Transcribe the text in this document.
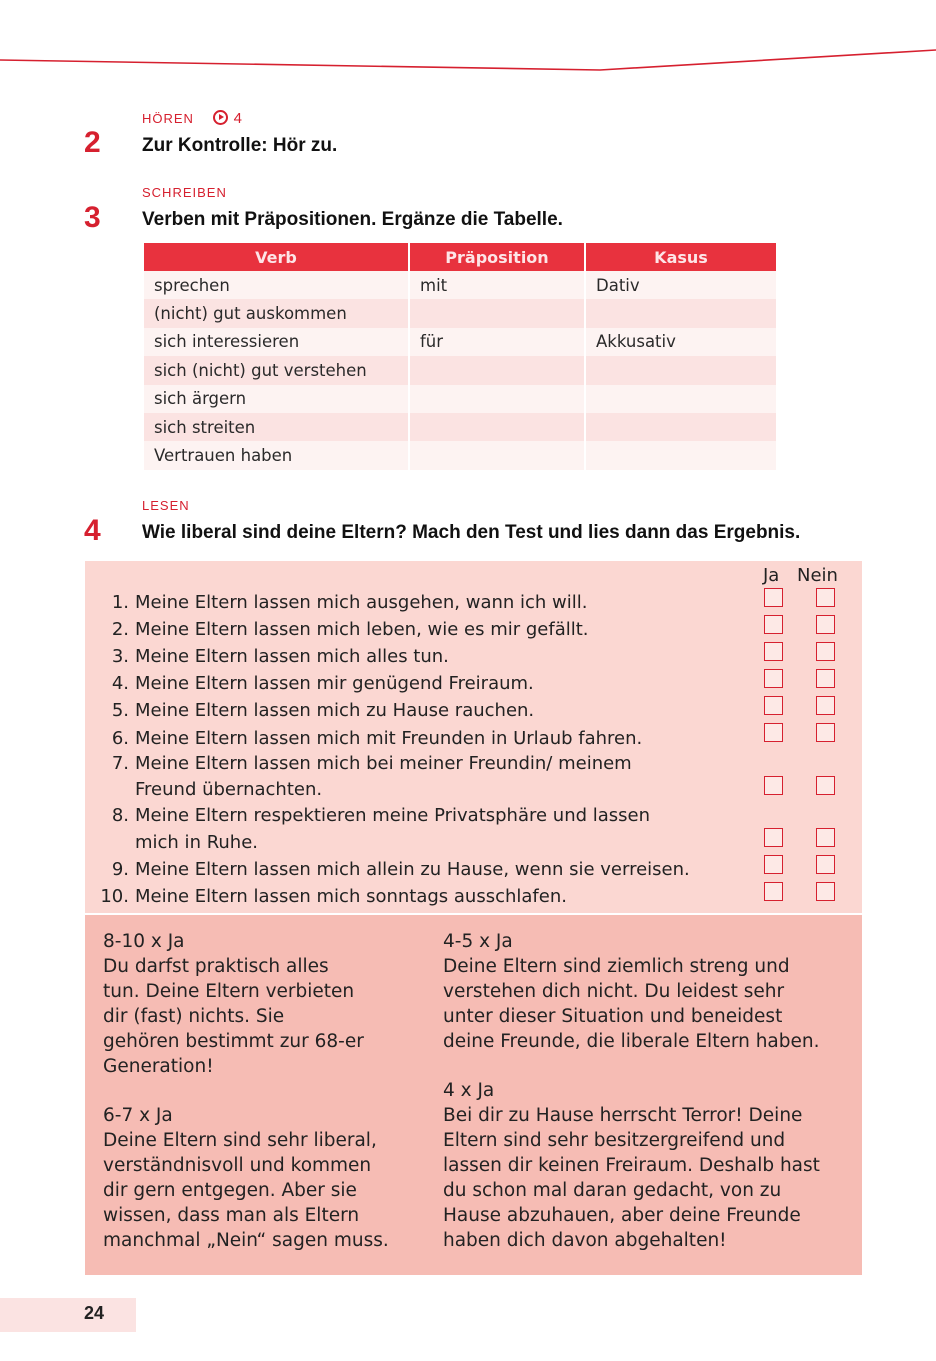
HÖREN	4
2 Zur Kontrolle: Hör zu.
SCHREIBEN
3 Verben mit Präpositionen. Ergänze die Tabelle.
Verb	Präposition	Kasus
sprechen	mit	Dativ
(nicht) gut auskommen		
sich interessieren	für	Akkusativ
sich (nicht) gut verstehen		
sich ärgern		
sich streiten		
Vertrauen haben		
LESEN
4 Wie liberal sind deine Eltern? Mach den Test und lies dann das Ergebnis.
Ja Nein
1. Meine Eltern lassen mich ausgehen, wann ich will.
2. Meine Eltern lassen mich leben, wie es mir gefällt.
3. Meine Eltern lassen mich alles tun.
4. Meine Eltern lassen mir genügend Freiraum.
5. Meine Eltern lassen mich zu Hause rauchen.
6. Meine Eltern lassen mich mit Freunden in Urlaub fahren.
7. Meine Eltern lassen mich bei meiner Freundin/ meinem
Freund übernachten.
8. Meine Eltern respektieren meine Privatsphäre und lassen
mich in Ruhe.
9. Meine Eltern lassen mich allein zu Hause, wenn sie verreisen.
10. Meine Eltern lassen mich sonntags ausschlafen.
8-10 x Ja
Du darfst praktisch alles
tun. Deine Eltern verbieten
dir (fast) nichts. Sie
gehören bestimmt zur 68-er
Generation!
6-7 x Ja
Deine Eltern sind sehr liberal,
verständnisvoll und kommen
dir gern entgegen. Aber sie
wissen, dass man als Eltern
manchmal „Nein“ sagen muss.
4-5 x Ja
Deine Eltern sind ziemlich streng und
verstehen dich nicht. Du leidest sehr
unter dieser Situation und beneidest
deine Freunde, die liberale Eltern haben.
4 x Ja
Bei dir zu Hause herrscht Terror! Deine
Eltern sind sehr besitzergreifend und
lassen dir keinen Freiraum. Deshalb hast
du schon mal daran gedacht, von zu
Hause abzuhauen, aber deine Freunde
haben dich davon abgehalten!
24
